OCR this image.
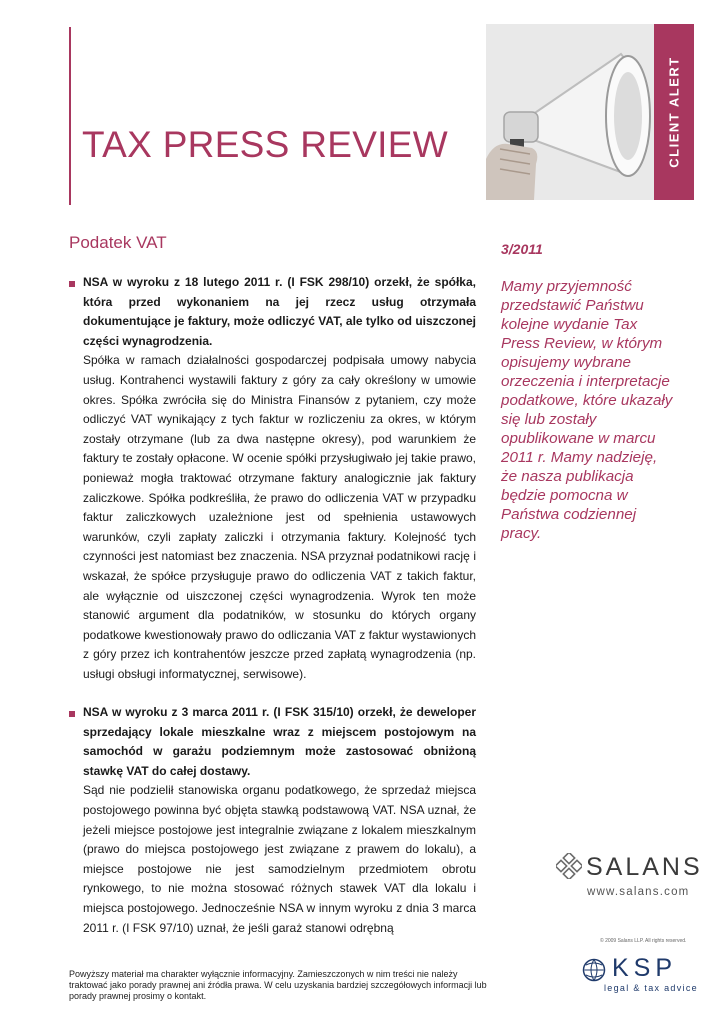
TAX PRESS REVIEW	CLIENT ALERT
Podatek VAT	3/2011
Mamy przyjemność przedstawić Państwu kolejne wydanie Tax Press Review, w którym opisujemy wybrane orzeczenia i interpretacje podatkowe, które ukazały się lub zostały opublikowane w marcu 2011 r. Mamy nadzieję, że nasza publikacja będzie pomocna w Państwa codziennej pracy.

NSA w wyroku z 18 lutego 2011 r. (I FSK 298/10) orzekł, że spółka, która przed wykonaniem na jej rzecz usług otrzymała dokumentujące je faktury, może odliczyć VAT, ale tylko od uiszczonej części wynagrodzenia.

Spółka w ramach działalności gospodarczej podpisała umowy nabycia usług. Kontrahenci wystawili faktury z góry za cały określony w umowie okres. Spółka zwróciła się do Ministra Finansów z pytaniem, czy może odliczyć VAT wynikający z tych faktur w rozliczeniu za okres, w którym zostały otrzymane (lub za dwa następne okresy), pod warunkiem że faktury te zostały opłacone. W ocenie spółki przysługiwało jej takie prawo, ponieważ mogła traktować otrzymane faktury analogicznie jak faktury zaliczkowe. Spółka podkreśliła, że prawo do odliczenia VAT w przypadku faktur zaliczkowych uzależnione jest od spełnienia ustawowych warunków, czyli zapłaty zaliczki i otrzymania faktury. Kolejność tych czynności jest natomiast bez znaczenia. NSA przyznał podatnikowi rację i wskazał, że spółce przysługuje prawo do odliczenia VAT z takich faktur, ale wyłącznie od uiszczonej części wynagrodzenia. Wyrok ten może stanowić argument dla podatników, w stosunku do których organy podatkowe kwestionowały prawo do odliczania VAT z faktur wystawionych z góry przez ich kontrahentów jeszcze przed zapłatą wynagrodzenia (np. usługi obsługi informatycznej, serwisowe).

NSA w wyroku z 3 marca 2011 r. (I FSK 315/10) orzekł, że deweloper sprzedający lokale mieszkalne wraz z miejscem postojowym na samochód w garażu podziemnym może zastosować obniżoną stawkę VAT do całej dostawy.

Sąd nie podzielił stanowiska organu podatkowego, że sprzedaż miejsca postojowego powinna być objęta stawką podstawową VAT. NSA uznał, że jeżeli miejsce postojowe jest integralnie związane z lokalem mieszkalnym (prawo do miejsca postojowego jest związane z prawem do lokalu), a miejsce postojowe nie jest samodzielnym przedmiotem obrotu rynkowego, to nie można stosować różnych stawek VAT dla lokalu i miejsca postojowego. Jednocześnie NSA w innym wyroku z dnia 3 marca 2011 r. (I FSK 97/10) uznał, że jeśli garaż stanowi odrębną

SALANS
www.salans.com
© 2009 Salans LLP. All rights reserved.
KSP
legal & tax advice
Powyższy materiał ma charakter wyłącznie informacyjny. Zamieszczonych w nim treści nie należy traktować jako porady prawnej ani źródła prawa. W celu uzyskania bardziej szczegółowych informacji lub porady prawnej prosimy o kontakt.
